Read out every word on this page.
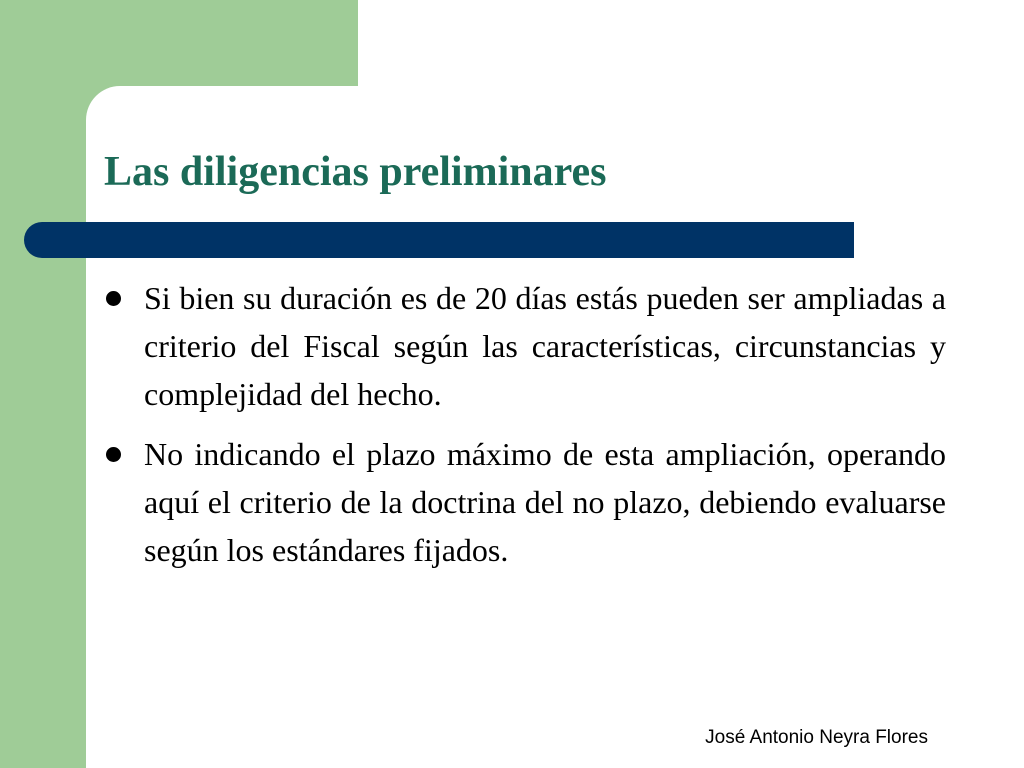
Las diligencias preliminares
Si bien su duración es de 20 días estás pueden ser ampliadas a criterio del Fiscal según las características, circunstancias y complejidad del hecho.
No indicando el plazo máximo de esta ampliación, operando aquí el criterio de la doctrina del no plazo, debiendo evaluarse según los estándares fijados.
José Antonio Neyra Flores
